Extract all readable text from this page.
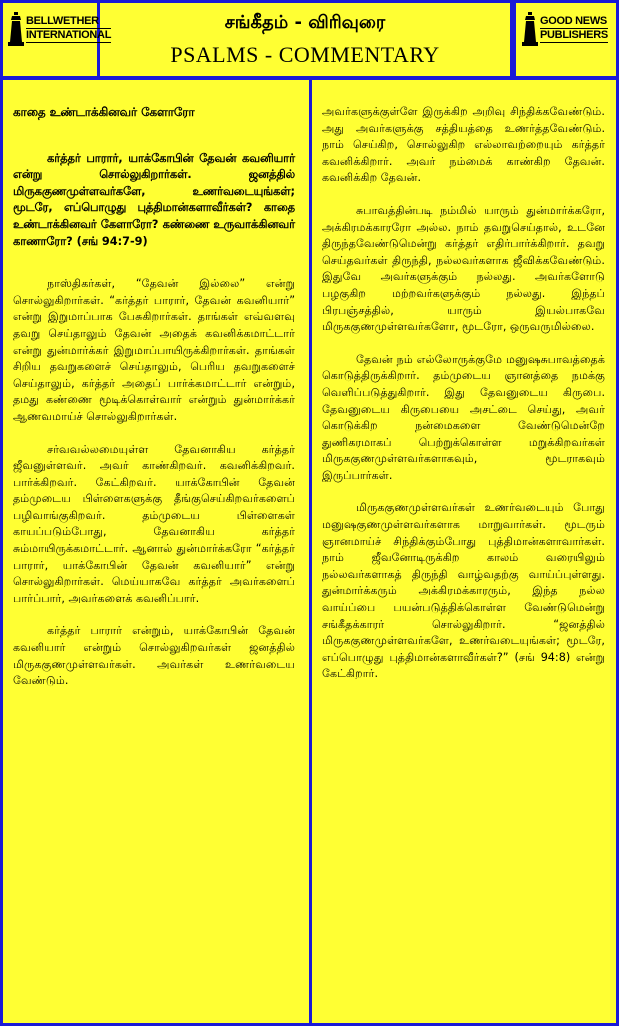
BELLWETHER
INTERNATIONAL
சங்கீதம் - விரிவுரை
PSALMS - COMMENTARY
GOOD NEWS
PUBLISHERS

காதை உண்டாக்கினவர் கேளாரோ

கர்த்தர் பாரார், யாக்கோபின் தேவன் கவனியார் என்று சொல்லுகிறார்கள். ஜனத்தில் மிருககுணமுள்ளவர்களே, உணர்வடையுங்கள்; மூடரே, எப்பொழுது புத்திமான்களாவீர்கள்? காதை உண்டாக்கினவர் கேளாரோ? கண்ணை உருவாக்கினவர் காணாரோ? (சங் 94:7-9)

நாஸ்திகர்கள், “தேவன் இல்லை” என்று சொல்லுகிறார்கள். “கர்த்தர் பாரார், தேவன் கவனியார்” என்று இறுமாப்பாக பேசுகிறார்கள். தாங்கள் எவ்வளவு தவறு செய்தாலும் தேவன் அதைக் கவனிக்கமாட்டார் என்று துன்மார்க்கர் இறுமாப்பாயிருக்கிறார்கள். தாங்கள் சிறிய தவறுகளைச் செய்தாலும், பெரிய தவறுகளைச் செய்தாலும், கர்த்தர் அதைப் பார்க்கமாட்டார் என்றும், தமது கண்ணை மூடிக்கொள்வார் என்றும் துன்மார்க்கர் ஆணவமாய்ச் சொல்லுகிறார்கள்.

சர்வவல்லமையுள்ள தேவனாகிய கர்த்தர் ஜீவனுள்ளவர். அவர் காண்கிறவர். கவனிக்கிறவர். பார்க்கிறவர். கேட்கிறவர். யாக்கோபின் தேவன் தம்முடைய பிள்ளைகளுக்கு தீங்குசெய்கிறவர்களைப் பழிவாங்குகிறவர். தம்முடைய பிள்ளைகள் காயப்படும்போது, தேவனாகிய கர்த்தர் சும்மாயிருக்கமாட்டார். ஆனால் துன்மார்க்கரோ “கர்த்தர் பாரார், யாக்கோபின் தேவன் கவனியார்” என்று சொல்லுகிறார்கள். மெய்யாகவே கர்த்தர் அவர்களைப் பார்ப்பார், அவர்களைக் கவனிப்பார்.

கர்த்தர் பாரார் என்றும், யாக்கோபின் தேவன் கவனியார் என்றும் சொல்லுகிறவர்கள் ஜனத்தில் மிருககுணமுள்ளவர்கள். அவர்கள் உணர்வடைய வேண்டும்.

அவர்களுக்குள்ளே இருக்கிற அறிவு சிந்திக்கவேண்டும். அது அவர்களுக்கு சத்தியத்தை உணர்த்தவேண்டும். நாம் செய்கிற, சொல்லுகிற எல்லாவற்றையும் கர்த்தர் கவனிக்கிறார். அவர் நம்மைக் காண்கிற தேவன். கவனிக்கிற தேவன்.

சுபாவத்தின்படி நம்மில் யாரும் துன்மார்க்கரோ, அக்கிரமக்காரரோ அல்ல. நாம் தவறுசெய்தால், உடனே திருந்தவேண்டுமென்று கர்த்தர் எதிர்பார்க்கிறார். தவறு செய்தவர்கள் திருந்தி, நல்லவர்களாக ஜீவிக்கவேண்டும். இதுவே அவர்களுக்கும் நல்லது. அவர்களோடு பழகுகிற மற்றவர்களுக்கும் நல்லது. இந்தப் பிரபஞ்சத்தில், யாரும் இயல்பாகவே மிருககுணமுள்ளவர்களோ, மூடரோ, ஒருவருமில்லை.

தேவன் நம் எல்லோருக்குமே மனுஷசுபாவத்தைக் கொடுத்திருக்கிறார். தம்முடைய ஞானத்தை நமக்கு வெளிப்படுத்துகிறார். இது தேவனுடைய கிருபை. தேவனுடைய கிருபையை அசட்டை செய்து, அவர் கொடுக்கிற நன்மைகளை வேண்டுமென்றே துணிகரமாகப் பெற்றுக்கொள்ள மறுக்கிறவர்கள் மிருககுணமுள்ளவர்களாகவும், மூடராகவும் இருப்பார்கள்.

மிருககுணமுள்ளவர்கள் உணர்வடையும் போது மனுஷகுணமுள்ளவர்களாக மாறுவார்கள். மூடரும் ஞானமாய்ச் சிந்திக்கும்போது புத்திமான்களாவார்கள். நாம் ஜீவனோடிருக்கிற காலம் வரையிலும் நல்லவர்களாகத் திருந்தி வாழ்வதற்கு வாய்ப்புள்ளது. துன்மார்க்கரும் அக்கிரமக்காரரும், இந்த நல்ல வாய்ப்பை பயன்படுத்திக்கொள்ள வேண்டுமென்று சங்கீதக்காரர் சொல்லுகிறார். “ஜனத்தில் மிருககுணமுள்ளவர்களே, உணர்வடையுங்கள்; மூடரே, எப்பொழுது புத்திமான்களாவீர்கள்?” (சங் 94:8) என்று கேட்கிறார்.
